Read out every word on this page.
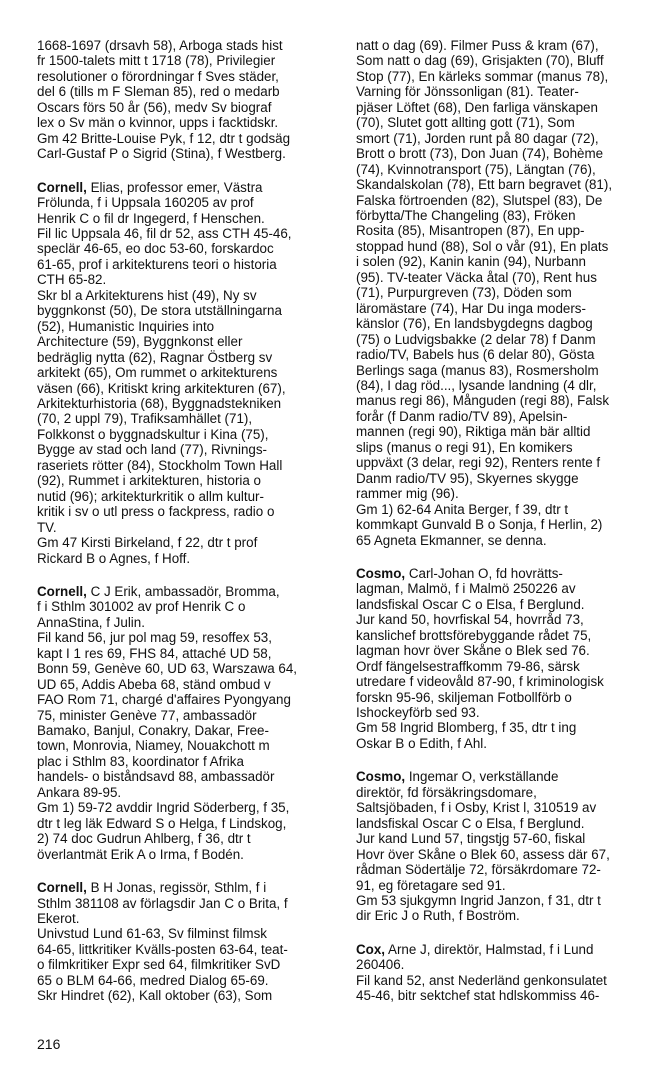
1668-1697 (drsavh 58), Arboga stads hist
fr 1500-talets mitt t 1718 (78), Privilegier
resolutioner o förordningar f Sves städer,
del 6 (tills m F Sleman 85), red o medarb
Oscars förs 50 år (56), medv Sv biograf
lex o Sv män o kvinnor, upps i facktidskr.
Gm 42 Britte-Louise Pyk, f 12, dtr t godsäg
Carl-Gustaf P o Sigrid (Stina), f Westberg.
Cornell, Elias, professor emer, Västra
Frölunda, f i Uppsala 160205 av prof
Henrik C o fil dr Ingegerd, f Henschen.
Fil lic Uppsala 46, fil dr 52, ass CTH 45-46,
speclär 46-65, eo doc 53-60, forskardoc
61-65, prof i arkitekturens teori o historia
CTH 65-82.
Skr bl a Arkitekturens hist (49), Ny sv
byggnkonst (50), De stora utställningarna
(52), Humanistic Inquiries into
Architecture (59), Byggnkonst eller
bedräglig nytta (62), Ragnar Östberg sv
arkitekt (65), Om rummet o arkitekturens
väsen (66), Kritiskt kring arkitekturen (67),
Arkitekturhistoria (68), Byggnadstekniken
(70, 2 uppl 79), Trafiksamhället (71),
Folkkonst o byggnadskultur i Kina (75),
Bygge av stad och land (77), Rivnings-
raseriets rötter (84), Stockholm Town Hall
(92), Rummet i arkitekturen, historia o
nutid (96); arkitekturkritik o allm kultur-
kritik i sv o utl press o fackpress, radio o
TV.
Gm 47 Kirsti Birkeland, f 22, dtr t prof
Rickard B o Agnes, f Hoff.
Cornell, C J Erik, ambassadör, Bromma,
f i Sthlm 301002 av prof Henrik C o
AnnaStina, f Julin.
Fil kand 56, jur pol mag 59, resoffex 53,
kapt I 1 res 69, FHS 84, attaché UD 58,
Bonn 59, Genève 60, UD 63, Warszawa 64,
UD 65, Addis Abeba 68, ständ ombud v
FAO Rom 71, chargé d'affaires Pyongyang
75, minister Genève 77, ambassadör
Bamako, Banjul, Conakry, Dakar, Free-
town, Monrovia, Niamey, Nouakchott m
plac i Sthlm 83, koordinator f Afrika
handels- o biståndsavd 88, ambassadör
Ankara 89-95.
Gm 1) 59-72 avddir Ingrid Söderberg, f 35,
dtr t leg läk Edward S o Helga, f Lindskog,
2) 74 doc Gudrun Ahlberg, f 36, dtr t
överlantmät Erik A o Irma, f Bodén.
Cornell, B H Jonas, regissör, Sthlm, f i
Sthlm 381108 av förlagsdir Jan C o Brita, f
Ekerot.
Univstud Lund 61-63, Sv filminst filmsk
64-65, littkritiker Kvälls-posten 63-64, teat-
o filmkritiker Expr sed 64, filmkritiker SvD
65 o BLM 64-66, medred Dialog 65-69.
Skr Hindret (62), Kall oktober (63), Som
natt o dag (69). Filmer Puss & kram (67),
Som natt o dag (69), Grisjakten (70), Bluff
Stop (77), En kärleks sommar (manus 78),
Varning för Jönssonligan (81). Teater-
pjäser Löftet (68), Den farliga vänskapen
(70), Slutet gott allting gott (71), Som
smort (71), Jorden runt på 80 dagar (72),
Brott o brott (73), Don Juan (74), Bohème
(74), Kvinnotransport (75), Längtan (76),
Skandalskolan (78), Ett barn begravet (81),
Falska förtroenden (82), Slutspel (83), De
förbytta/The Changeling (83), Fröken
Rosita (85), Misantropen (87), En upp-
stoppad hund (88), Sol o vår (91), En plats
i solen (92), Kanin kanin (94), Nurbann
(95). TV-teater Väcka åtal (70), Rent hus
(71), Purpurgreven (73), Döden som
läromästare (74), Har Du inga moders-
känslor (76), En landsbygdegns dagbog
(75) o Ludvigsbakke (2 delar 78) f Danm
radio/TV, Babels hus (6 delar 80), Gösta
Berlings saga (manus 83), Rosmersholm
(84), I dag röd..., lysande landning (4 dlr,
manus regi 86), Månguden (regi 88), Falsk
forår (f Danm radio/TV 89), Apelsin-
mannen (regi 90), Riktiga män bär alltid
slips (manus o regi 91), En komikers
uppväxt (3 delar, regi 92), Renters rente f
Danm radio/TV 95), Skyernes skygge
rammer mig (96).
Gm 1) 62-64 Anita Berger, f 39, dtr t
kommkapt Gunvald B o Sonja, f Herlin, 2)
65 Agneta Ekmanner, se denna.
Cosmo, Carl-Johan O, fd hovrätts-
lagman, Malmö, f i Malmö 250226 av
landsfiskal Oscar C o Elsa, f Berglund.
Jur kand 50, hovrfiskal 54, hovrråd 73,
kanslichef brottsförebyggande rådet 75,
lagman hovr över Skåne o Blek sed 76.
Ordf fängelsestraffkomm 79-86, särsk
utredare f videovåld 87-90, f kriminologisk
forskn 95-96, skiljeman Fotbollförb o
Ishockeyförb sed 93.
Gm 58 Ingrid Blomberg, f 35, dtr t ing
Oskar B o Edith, f Ahl.
Cosmo, Ingemar O, verkställande
direktör, fd försäkringsdomare,
Saltsjöbaden, f i Osby, Krist l, 310519 av
landsfiskal Oscar C o Elsa, f Berglund.
Jur kand Lund 57, tingstjg 57-60, fiskal
Hovr över Skåne o Blek 60, assess där 67,
rådman Södertälje 72, försäkrdomare 72-
91, eg företagare sed 91.
Gm 53 sjukgymn Ingrid Janzon, f 31, dtr t
dir Eric J o Ruth, f Boström.
Cox, Arne J, direktör, Halmstad, f i Lund
260406.
Fil kand 52, anst Nederländ genkonsulatet
45-46, bitr sektchef stat hdlskommiss 46-
216
